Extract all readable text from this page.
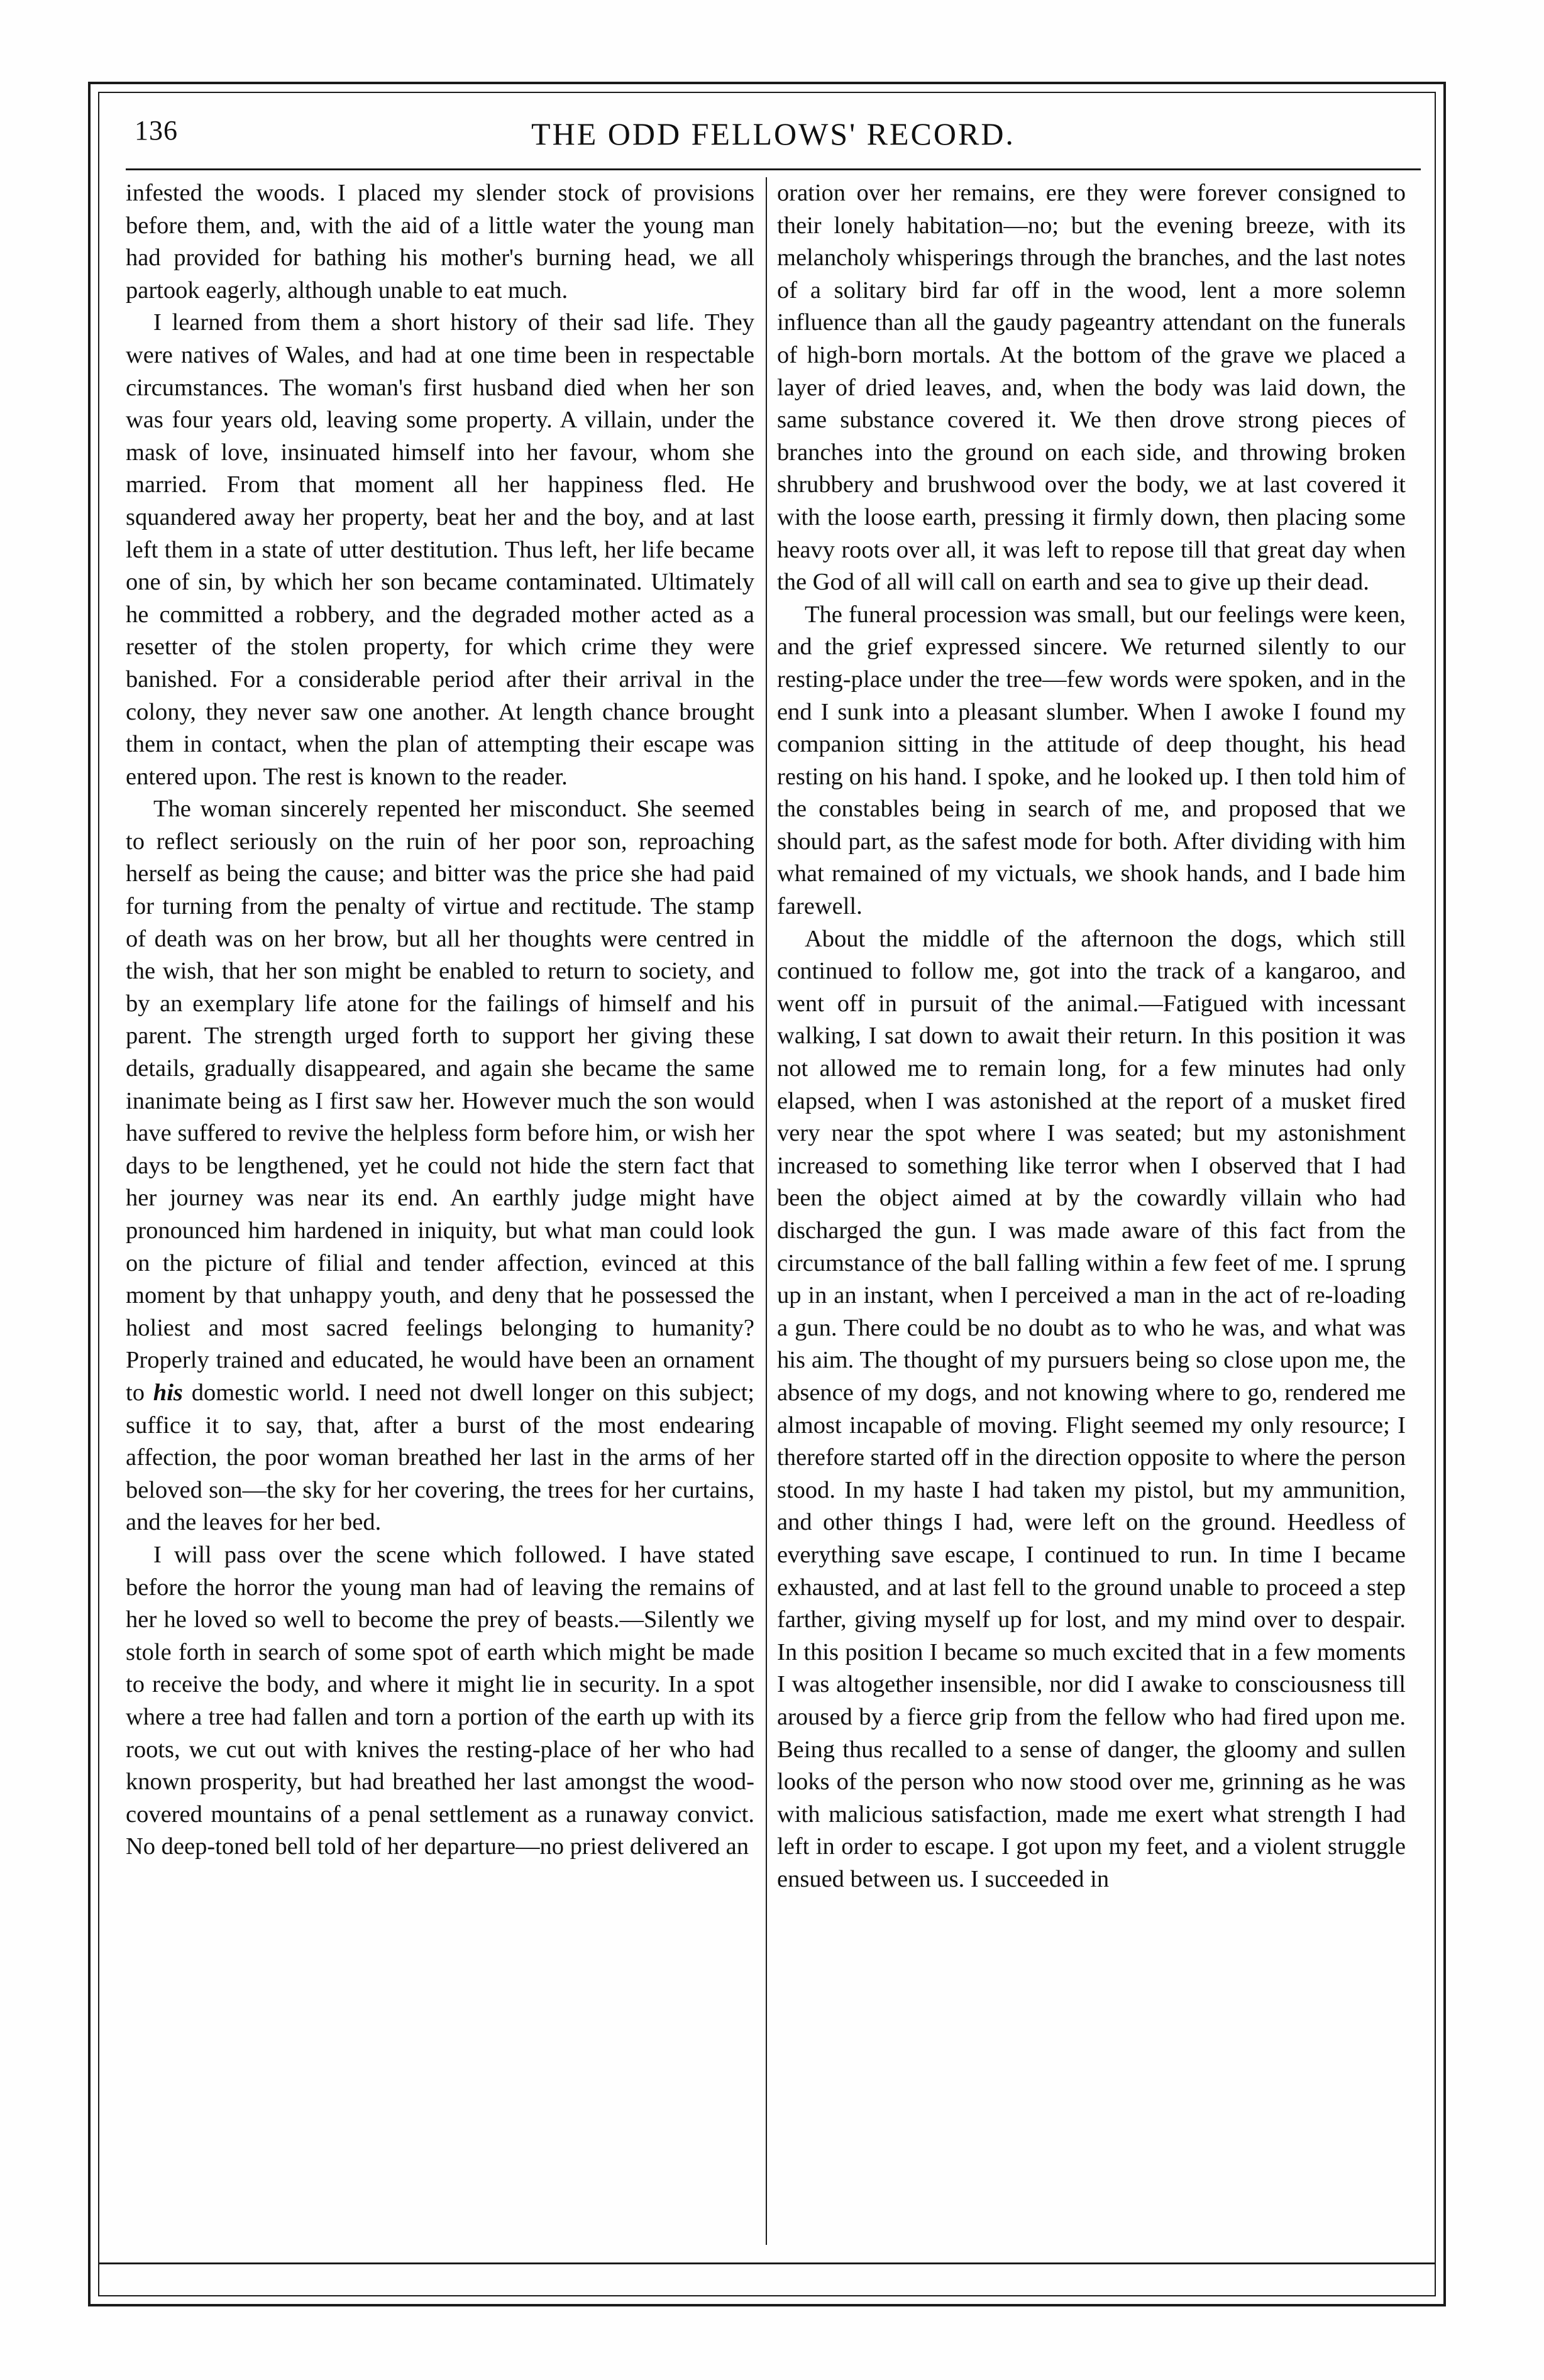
136	THE ODD FELLOWS' RECORD.

infested the woods. I placed my slender stock of provisions before them, and, with the aid of a little water the young man had provided for bathing his mother's burning head, we all partook eagerly, although unable to eat much.

I learned from them a short history of their sad life. They were natives of Wales, and had at one time been in respectable circumstances. The woman's first husband died when her son was four years old, leaving some property. A villain, under the mask of love, insinuated himself into her favour, whom she married. From that moment all her happiness fled. He squandered away her property, beat her and the boy, and at last left them in a state of utter destitution. Thus left, her life became one of sin, by which her son became contaminated. Ultimately he committed a robbery, and the degraded mother acted as a resetter of the stolen property, for which crime they were banished. For a considerable period after their arrival in the colony, they never saw one another. At length chance brought them in contact, when the plan of attempting their escape was entered upon. The rest is known to the reader.

The woman sincerely repented her misconduct. She seemed to reflect seriously on the ruin of her poor son, reproaching herself as being the cause; and bitter was the price she had paid for turning from the penalty of virtue and rectitude. The stamp of death was on her brow, but all her thoughts were centred in the wish, that her son might be enabled to return to society, and by an exemplary life atone for the failings of himself and his parent. The strength urged forth to support her giving these details, gradually disappeared, and again she became the same inanimate being as I first saw her. However much the son would have suffered to revive the helpless form before him, or wish her days to be lengthened, yet he could not hide the stern fact that her journey was near its end. An earthly judge might have pronounced him hardened in iniquity, but what man could look on the picture of filial and tender affection, evinced at this moment by that unhappy youth, and deny that he possessed the holiest and most sacred feelings belonging to humanity? Properly trained and educated, he would have been an ornament to his domestic world. I need not dwell longer on this subject; suffice it to say, that, after a burst of the most endearing affection, the poor woman breathed her last in the arms of her beloved son—the sky for her covering, the trees for her curtains, and the leaves for her bed.

I will pass over the scene which followed. I have stated before the horror the young man had of leaving the remains of her he loved so well to become the prey of beasts.—Silently we stole forth in search of some spot of earth which might be made to receive the body, and where it might lie in security. In a spot where a tree had fallen and torn a portion of the earth up with its roots, we cut out with knives the resting-place of her who had known prosperity, but had breathed her last amongst the wood-covered mountains of a penal settlement as a runaway convict. No deep-toned bell told of her departure—no priest delivered an

oration over her remains, ere they were forever consigned to their lonely habitation—no; but the evening breeze, with its melancholy whisperings through the branches, and the last notes of a solitary bird far off in the wood, lent a more solemn influence than all the gaudy pageantry attendant on the funerals of high-born mortals. At the bottom of the grave we placed a layer of dried leaves, and, when the body was laid down, the same substance covered it. We then drove strong pieces of branches into the ground on each side, and throwing broken shrubbery and brushwood over the body, we at last covered it with the loose earth, pressing it firmly down, then placing some heavy roots over all, it was left to repose till that great day when the God of all will call on earth and sea to give up their dead.

The funeral procession was small, but our feelings were keen, and the grief expressed sincere. We returned silently to our resting-place under the tree—few words were spoken, and in the end I sunk into a pleasant slumber. When I awoke I found my companion sitting in the attitude of deep thought, his head resting on his hand. I spoke, and he looked up. I then told him of the constables being in search of me, and proposed that we should part, as the safest mode for both. After dividing with him what remained of my victuals, we shook hands, and I bade him farewell.

About the middle of the afternoon the dogs, which still continued to follow me, got into the track of a kangaroo, and went off in pursuit of the animal.—Fatigued with incessant walking, I sat down to await their return. In this position it was not allowed me to remain long, for a few minutes had only elapsed, when I was astonished at the report of a musket fired very near the spot where I was seated; but my astonishment increased to something like terror when I observed that I had been the object aimed at by the cowardly villain who had discharged the gun. I was made aware of this fact from the circumstance of the ball falling within a few feet of me. I sprung up in an instant, when I perceived a man in the act of re-loading a gun. There could be no doubt as to who he was, and what was his aim. The thought of my pursuers being so close upon me, the absence of my dogs, and not knowing where to go, rendered me almost incapable of moving. Flight seemed my only resource; I therefore started off in the direction opposite to where the person stood. In my haste I had taken my pistol, but my ammunition, and other things I had, were left on the ground. Heedless of everything save escape, I continued to run. In time I became exhausted, and at last fell to the ground unable to proceed a step farther, giving myself up for lost, and my mind over to despair. In this position I became so much excited that in a few moments I was altogether insensible, nor did I awake to consciousness till aroused by a fierce grip from the fellow who had fired upon me. Being thus recalled to a sense of danger, the gloomy and sullen looks of the person who now stood over me, grinning as he was with malicious satisfaction, made me exert what strength I had left in order to escape. I got upon my feet, and a violent struggle ensued between us. I succeeded in
